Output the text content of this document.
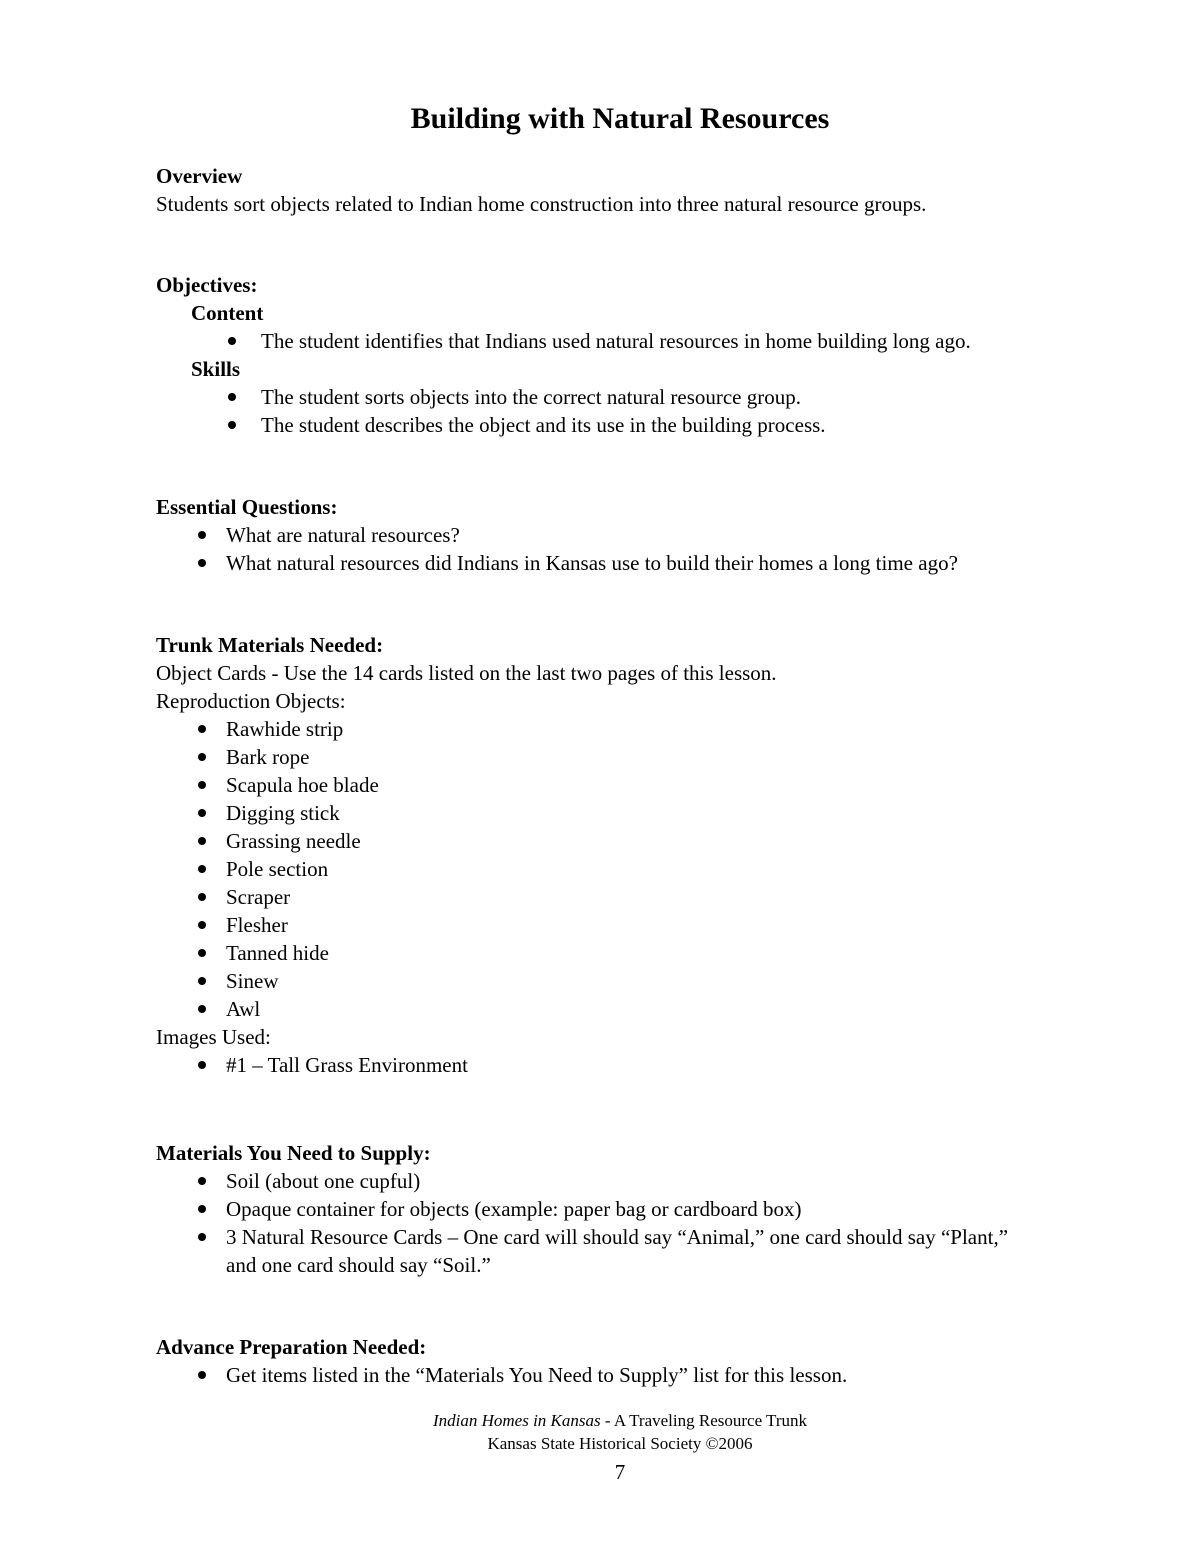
Building with Natural Resources
Overview
Students sort objects related to Indian home construction into three natural resource groups.
Objectives:
Content
The student identifies that Indians used natural resources in home building long ago.
Skills
The student sorts objects into the correct natural resource group.
The student describes the object and its use in the building process.
Essential Questions:
What are natural resources?
What natural resources did Indians in Kansas use to build their homes a long time ago?
Trunk Materials Needed:
Object Cards - Use the 14 cards listed on the last two pages of this lesson.
Reproduction Objects:
Rawhide strip
Bark rope
Scapula hoe blade
Digging stick
Grassing needle
Pole section
Scraper
Flesher
Tanned hide
Sinew
Awl
Images Used:
#1 – Tall Grass Environment
Materials You Need to Supply:
Soil (about one cupful)
Opaque container for objects (example: paper bag or cardboard box)
3 Natural Resource Cards – One card will should say “Animal,” one card should say “Plant,” and one card should say “Soil.”
Advance Preparation Needed:
Get items listed in the “Materials You Need to Supply” list for this lesson.
Indian Homes in Kansas - A Traveling Resource Trunk
Kansas State Historical Society ©2006
7
